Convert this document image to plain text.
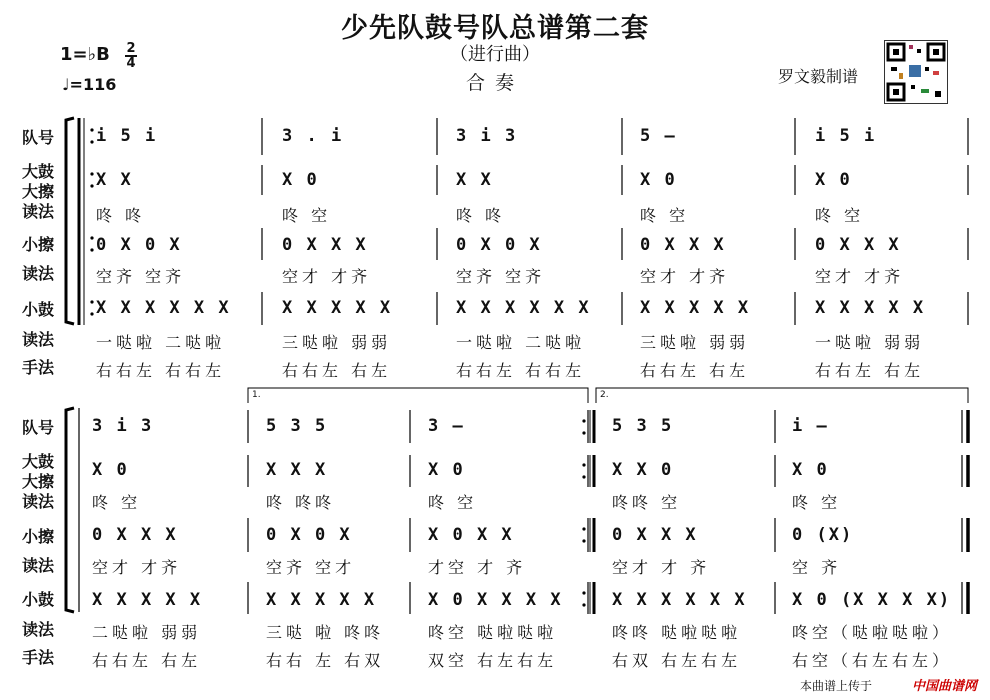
少先队鼓号队总谱第二套
（进行曲）
合奏
1=♭B 2
4
♩=116	罗文毅制谱
1.	2.
队号
大鼓
大擦
读法
小擦
读法
小鼓
读法
手法
i 5 i	3 . i	3 i 3	5 –	i 5 i
X X	X 0	X X	X 0	X 0
咚 咚	咚 空	咚 咚	咚 空	咚 空
0 X 0 X	0 X X X	0 X 0 X	0 X X X	0 X X X
空齐 空齐	空才 才齐	空齐 空齐	空才 才齐	空才 才齐
X X X X X X	X X X X X	X X X X X X	X X X X X	X X X X X
一哒啦 二哒啦	三哒啦 弱弱	一哒啦 二哒啦	三哒啦 弱弱	一哒啦 弱弱
右右左 右右左	右右左 右左	右右左 右右左	右右左 右左	右右左 右左
队号
大鼓
大擦
读法
小擦
读法
小鼓
读法
手法
3 i 3	5 3 5	3 –	5 3 5	i –
X 0	X X X	X 0	X X 0	X 0
咚 空	咚 咚咚	咚 空	咚咚 空	咚 空
0 X X X	0 X 0 X	X 0 X X	0 X X X	0 (X)
空才 才齐	空齐 空才	才空 才 齐	空才 才 齐	空 齐
X X X X X	X X X X X	X 0 X X X X	X X X X X X	X 0 (X X X X)
二哒啦 弱弱	三哒 啦 咚咚	咚空 哒啦哒啦	咚咚 哒啦哒啦	咚空（哒啦哒啦）
右右左 右左	右右 左 右双	双空 右左右左	右双 右左右左	右空（右左右左）
本曲谱上传于	中国曲谱网
